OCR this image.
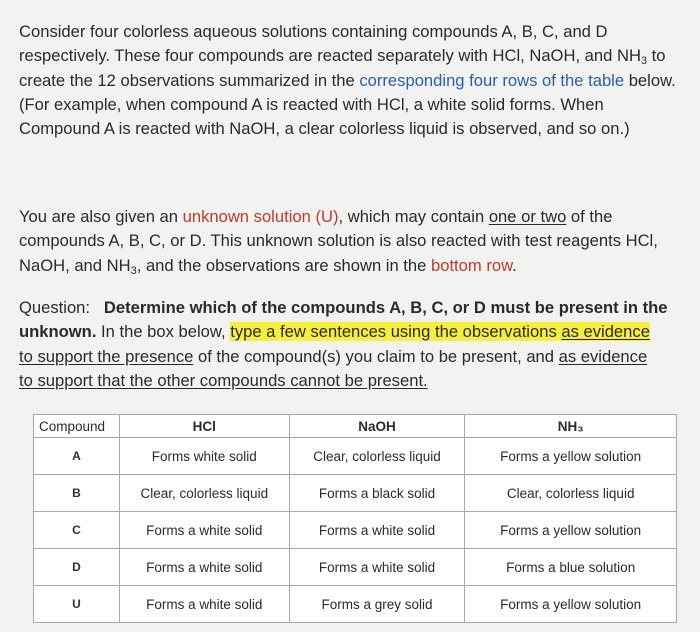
Consider four colorless aqueous solutions containing compounds A, B, C, and D respectively. These four compounds are reacted separately with HCl, NaOH, and $NH_3$ to create the 12 observations summarized in the corresponding four rows of the table below. (For example, when compound A is reacted with HCl, a white solid forms. When Compound A is reacted with NaOH, a clear colorless liquid is observed, and so on.)

You are also given an unknown solution (U), which may contain one or two of the compounds A, B, C, or D. This unknown solution is also reacted with test reagents HCl, NaOH, and $NH_3$, and the observations are shown in the bottom row.

Question: Determine which of the compounds A, B, C, or D must be present in the unknown. In the box below, type a few sentences using the observations as evidence
to support the presence of the compound(s) you claim to be present, and as evidence
to support that the other compounds cannot be present.

Compound	HCl	NaOH	NH₃
A	Forms white solid	Clear, colorless liquid	Forms a yellow solution
B	Clear, colorless liquid	Forms a black solid	Clear, colorless liquid
C	Forms a white solid	Forms a white solid	Forms a yellow solution
D	Forms a white solid	Forms a white solid	Forms a blue solution
U	Forms a white solid	Forms a grey solid	Forms a yellow solution
